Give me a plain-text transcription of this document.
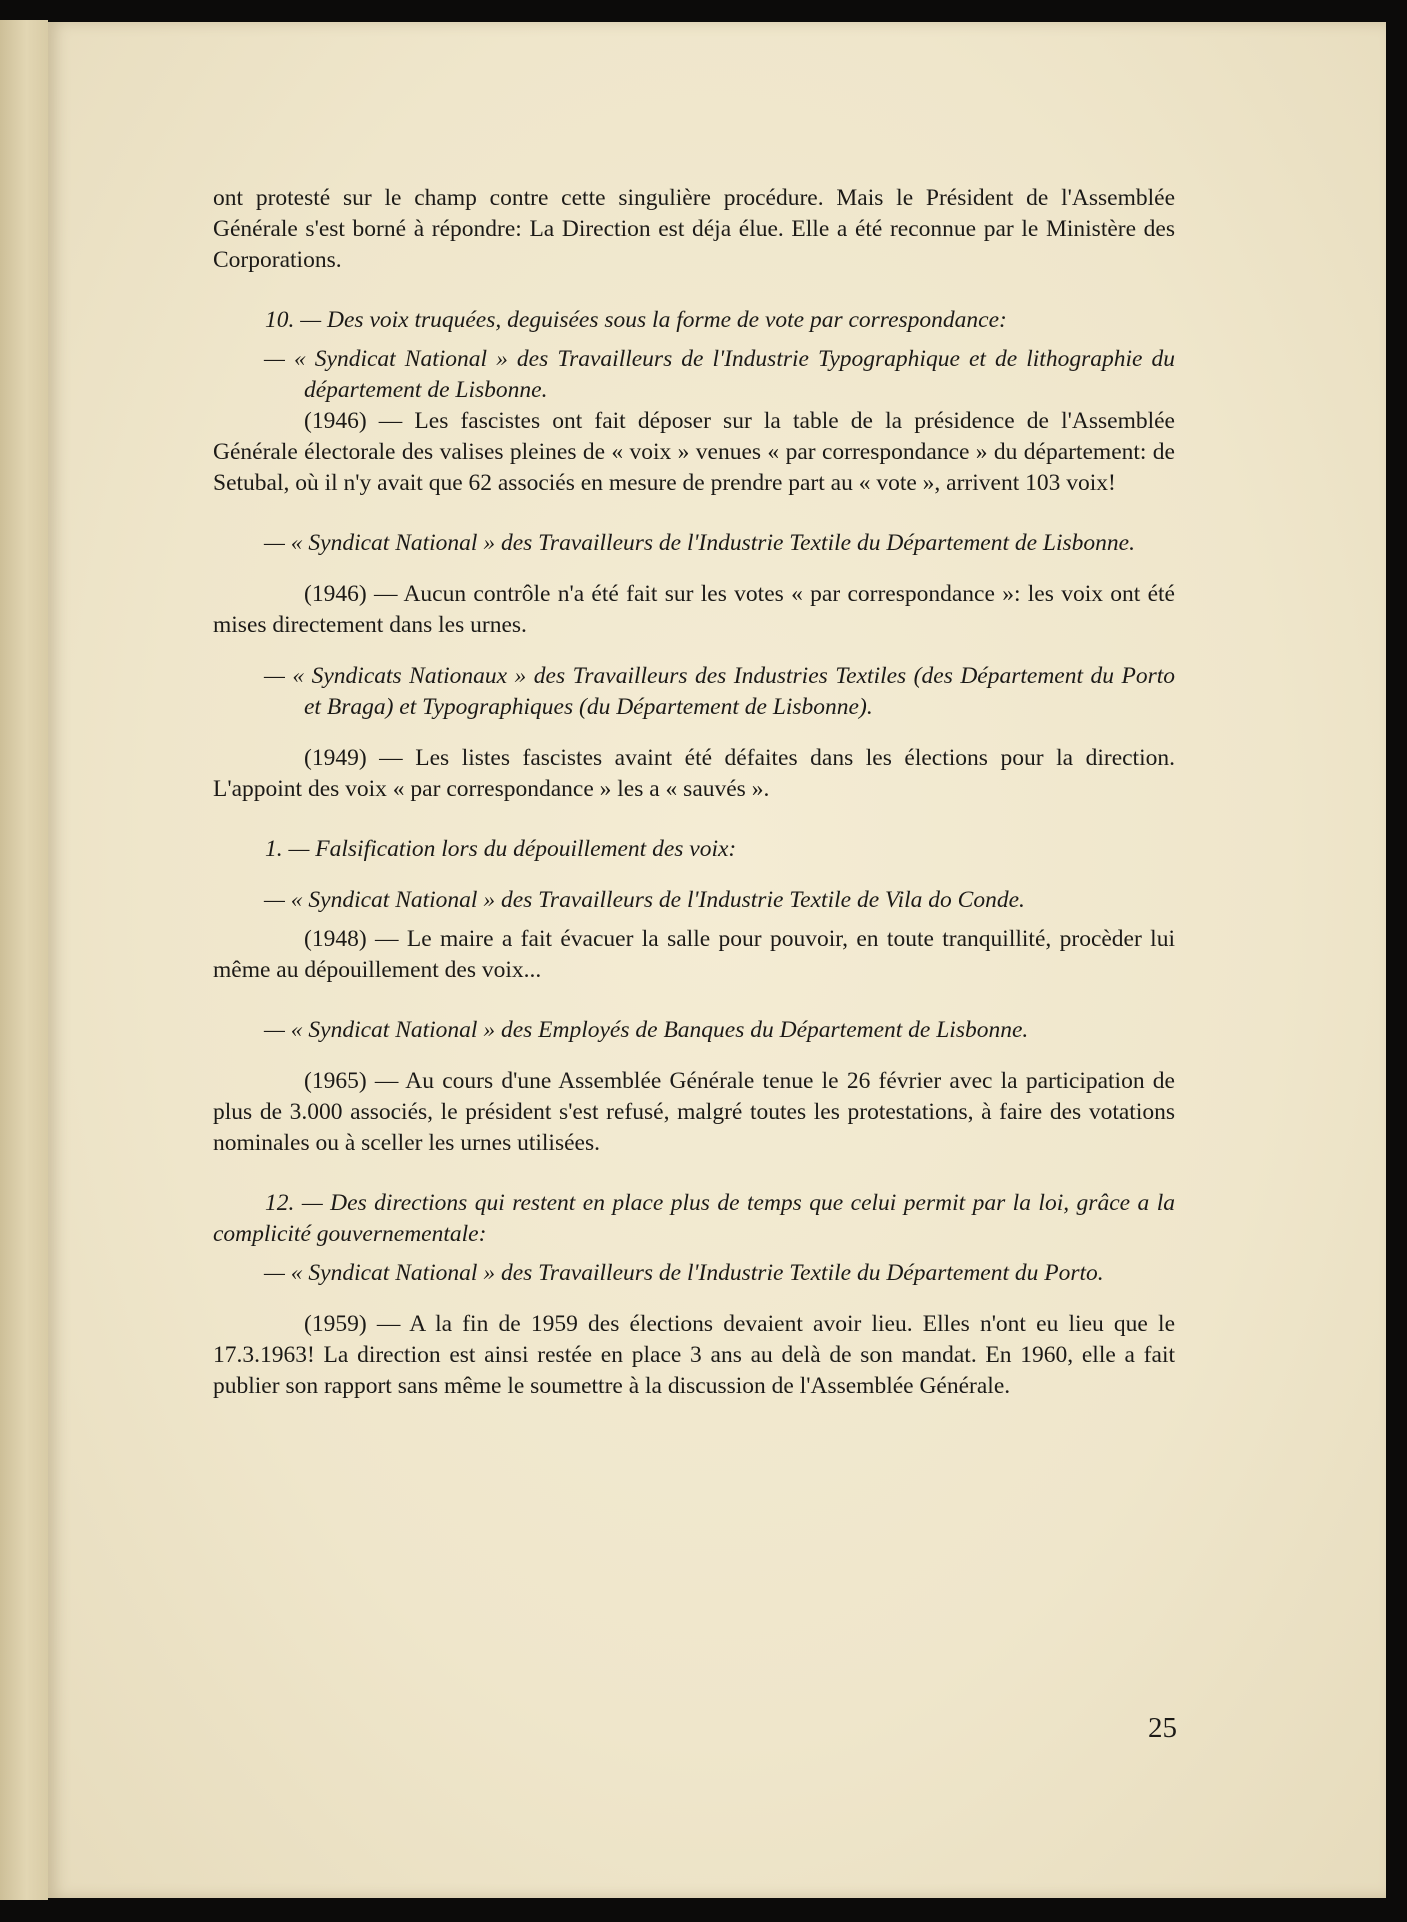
ont protesté sur le champ contre cette singulière procédure. Mais le Président de l'Assemblée Générale s'est borné à répondre: La Direction est déja élue. Elle a été reconnue par le Ministère des Corporations.

10. — Des voix truquées, deguisées sous la forme de vote par correspondance:

— « Syndicat National » des Travailleurs de l'Industrie Typographique et de lithographie du département de Lisbonne.

(1946) — Les fascistes ont fait déposer sur la table de la présidence de l'Assemblée Générale électorale des valises pleines de « voix » venues « par correspondance » du département: de Setubal, où il n'y avait que 62 associés en mesure de prendre part au « vote », arrivent 103 voix!

— « Syndicat National » des Travailleurs de l'Industrie Textile du Département de Lisbonne.

(1946) — Aucun contrôle n'a été fait sur les votes « par correspondance »: les voix ont été mises directement dans les urnes.

— « Syndicats Nationaux » des Travailleurs des Industries Textiles (des Département du Porto et Braga) et Typographiques (du Département de Lisbonne).

(1949) — Les listes fascistes avaint été défaites dans les élections pour la direction. L'appoint des voix « par correspondance » les a « sauvés ».

1. — Falsification lors du dépouillement des voix:

— « Syndicat National » des Travailleurs de l'Industrie Textile de Vila do Conde.

(1948) — Le maire a fait évacuer la salle pour pouvoir, en toute tranquillité, procèder lui même au dépouillement des voix...

— « Syndicat National » des Employés de Banques du Département de Lisbonne.

(1965) — Au cours d'une Assemblée Générale tenue le 26 février avec la participation de plus de 3.000 associés, le président s'est refusé, malgré toutes les protestations, à faire des votations nominales ou à sceller les urnes utilisées.

12. — Des directions qui restent en place plus de temps que celui permit par la loi, grâce a la complicité gouvernementale:

— « Syndicat National » des Travailleurs de l'Industrie Textile du Département du Porto.

(1959) — A la fin de 1959 des élections devaient avoir lieu. Elles n'ont eu lieu que le 17.3.1963! La direction est ainsi restée en place 3 ans au delà de son mandat. En 1960, elle a fait publier son rapport sans même le soumettre à la discussion de l'Assemblée Générale.

25
